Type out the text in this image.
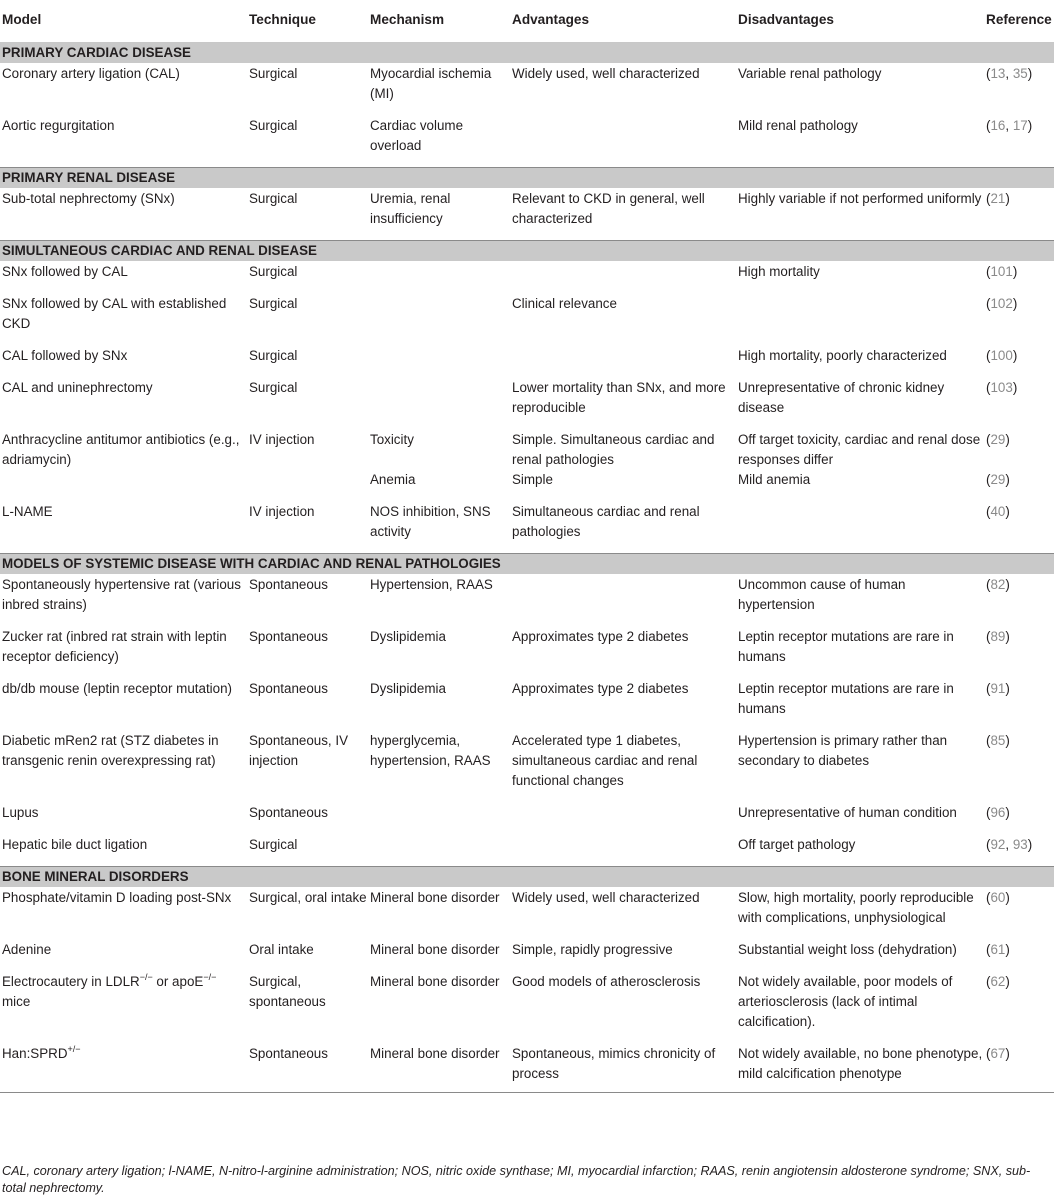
Model	Technique	Mechanism	Advantages	Disadvantages	Reference
PRIMARY CARDIAC DISEASE					
Coronary artery ligation (CAL)	Surgical	Myocardial ischemia (MI)	Widely used, well characterized	Variable renal pathology	(13, 35)
Aortic regurgitation	Surgical	Cardiac volume overload		Mild renal pathology	(16, 17)
PRIMARY RENAL DISEASE					
Sub-total nephrectomy (SNx)	Surgical	Uremia, renal insufficiency	Relevant to CKD in general, well characterized	Highly variable if not performed uniformly	(21)
SIMULTANEOUS CARDIAC AND RENAL DISEASE					
SNx followed by CAL	Surgical			High mortality	(101)
SNx followed by CAL with established CKD	Surgical		Clinical relevance		(102)
CAL followed by SNx	Surgical			High mortality, poorly characterized	(100)
CAL and uninephrectomy	Surgical		Lower mortality than SNx, and more reproducible	Unrepresentative of chronic kidney disease	(103)
Anthracycline antitumor antibiotics (e.g., adriamycin)	IV injection	Toxicity	Simple. Simultaneous cardiac and renal pathologies	Off target toxicity, cardiac and renal dose responses differ	(29)
		Anemia	Simple	Mild anemia	(29)
L-NAME	IV injection	NOS inhibition, SNS activity	Simultaneous cardiac and renal pathologies		(40)
MODELS OF SYSTEMIC DISEASE WITH CARDIAC AND RENAL PATHOLOGIES					
Spontaneously hypertensive rat (various inbred strains)	Spontaneous	Hypertension, RAAS		Uncommon cause of human hypertension	(82)
Zucker rat (inbred rat strain with leptin receptor deficiency)	Spontaneous	Dyslipidemia	Approximates type 2 diabetes	Leptin receptor mutations are rare in humans	(89)
db/db mouse (leptin receptor mutation)	Spontaneous	Dyslipidemia	Approximates type 2 diabetes	Leptin receptor mutations are rare in humans	(91)
Diabetic mRen2 rat (STZ diabetes in transgenic renin overexpressing rat)	Spontaneous, IV injection	hyperglycemia, hypertension, RAAS	Accelerated type 1 diabetes, simultaneous cardiac and renal functional changes	Hypertension is primary rather than secondary to diabetes	(85)
Lupus	Spontaneous			Unrepresentative of human condition	(96)
Hepatic bile duct ligation	Surgical			Off target pathology	(92, 93)
BONE MINERAL DISORDERS					
Phosphate/vitamin D loading post-SNx	Surgical, oral intake	Mineral bone disorder	Widely used, well characterized	Slow, high mortality, poorly reproducible with complications, unphysiological	(60)
Adenine	Oral intake	Mineral bone disorder	Simple, rapidly progressive	Substantial weight loss (dehydration)	(61)
Electrocautery in LDLR−/− or apoE−/− mice	Surgical, spontaneous	Mineral bone disorder	Good models of atherosclerosis	Not widely available, poor models of arteriosclerosis (lack of intimal calcification).	(62)
Han:SPRD+/−	Spontaneous	Mineral bone disorder	Spontaneous, mimics chronicity of process	Not widely available, no bone phenotype, mild calcification phenotype	(67)
CAL, coronary artery ligation; l-NAME, N-nitro-l-arginine administration; NOS, nitric oxide synthase; MI, myocardial infarction; RAAS, renin angiotensin aldosterone syndrome; SNX, sub-total nephrectomy.
